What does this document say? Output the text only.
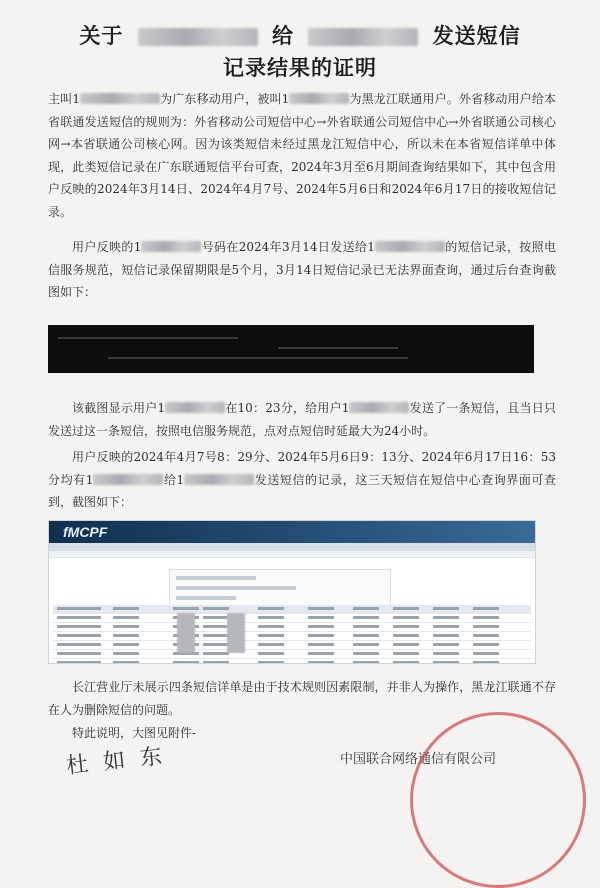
关于	给	发送短信
记录结果的证明

主叫1	为广东移动用户，被叫1	为黑龙江联通用户。外省移动用户给本省联通发送短信的规则为：外省移动公司短信中心→外省联通公司短信中心→外省联通公司核心网→本省联通公司核心网。因为该类短信未经过黑龙江短信中心，所以未在本省短信详单中体现，此类短信记录在广东联通短信平台可查，2024年3月至6月期间查询结果如下，其中包含用户反映的2024年3月14日、2024年4月7号、2024年5月6日和2024年6月17日的接收短信记录。

用户反映的1	号码在2024年3月14日发送给1	的短信记录，按照电信服务规范，短信记录保留期限是5个月，3月14日短信记录已无法界面查询，通过后台查询截图如下：

该截图显示用户1	在10：23分，给用户1	发送了一条短信，且当日只发送过这一条短信，按照电信服务规范，点对点短信时延最大为24小时。

用户反映的2024年4月7号8：29分、2024年5月6日9：13分、2024年6月17日16：53分均有1	给1	发送短信的记录，这三天短信在短信中心查询界面可查到，截图如下：

fMCPF

长江营业厅未展示四条短信详单是由于技术规则因素限制，并非人为操作，黑龙江联通不存在人为删除短信的问题。

特此说明，大图见附件-

杜 如 东	中国联合网络通信有限公司
